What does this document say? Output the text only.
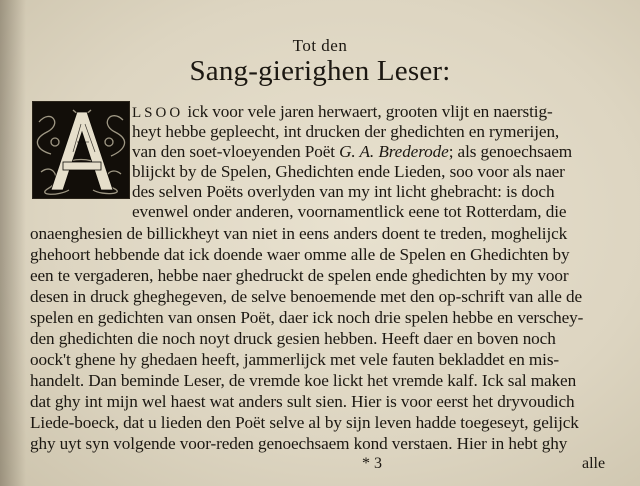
Tot den
Sang-gierighen Leser:
LSOO ick voor vele jaren herwaert, grooten vlijt en naerstig-
heyt hebbe gepleecht, int drucken der ghedichten en rymerijen,
van den soet-vloeyenden Poët G. A. Brederode; als genoechsaem
blijckt by de Spelen, Ghedichten ende Lieden, soo voor als naer
des selven Poëts overlyden van my int licht ghebracht: is doch
evenwel onder anderen, voornamentlick eene tot Rotterdam, die
onaenghesien de billickheyt van niet in eens anders doent te treden, moghelijck
ghehoort hebbende dat ick doende waer omme alle de Spelen en Ghedichten by
een te vergaderen, hebbe naer ghedruckt de spelen ende ghedichten by my voor
desen in druck gheghegeven, de selve benoemende met den op-schrift van alle de
spelen en gedichten van onsen Poët, daer ick noch drie spelen hebbe en verschey-
den ghedichten die noch noyt druck gesien hebben. Heeft daer en boven noch
oock't ghene hy ghedaen heeft, jammerlijck met vele fauten bekladdet en mis-
handelt. Dan beminde Leser, de vremde koe lickt het vremde kalf. Ick sal maken
dat ghy int mijn wel haest wat anders sult sien. Hier is voor eerst het dryvoudich
Liede-boeck, dat u lieden den Poët selve al by sijn leven hadde toegeseyt, gelijck
ghy uyt syn volgende voor-reden genoechsaem kond verstaen. Hier in hebt ghy
* 3	alle
